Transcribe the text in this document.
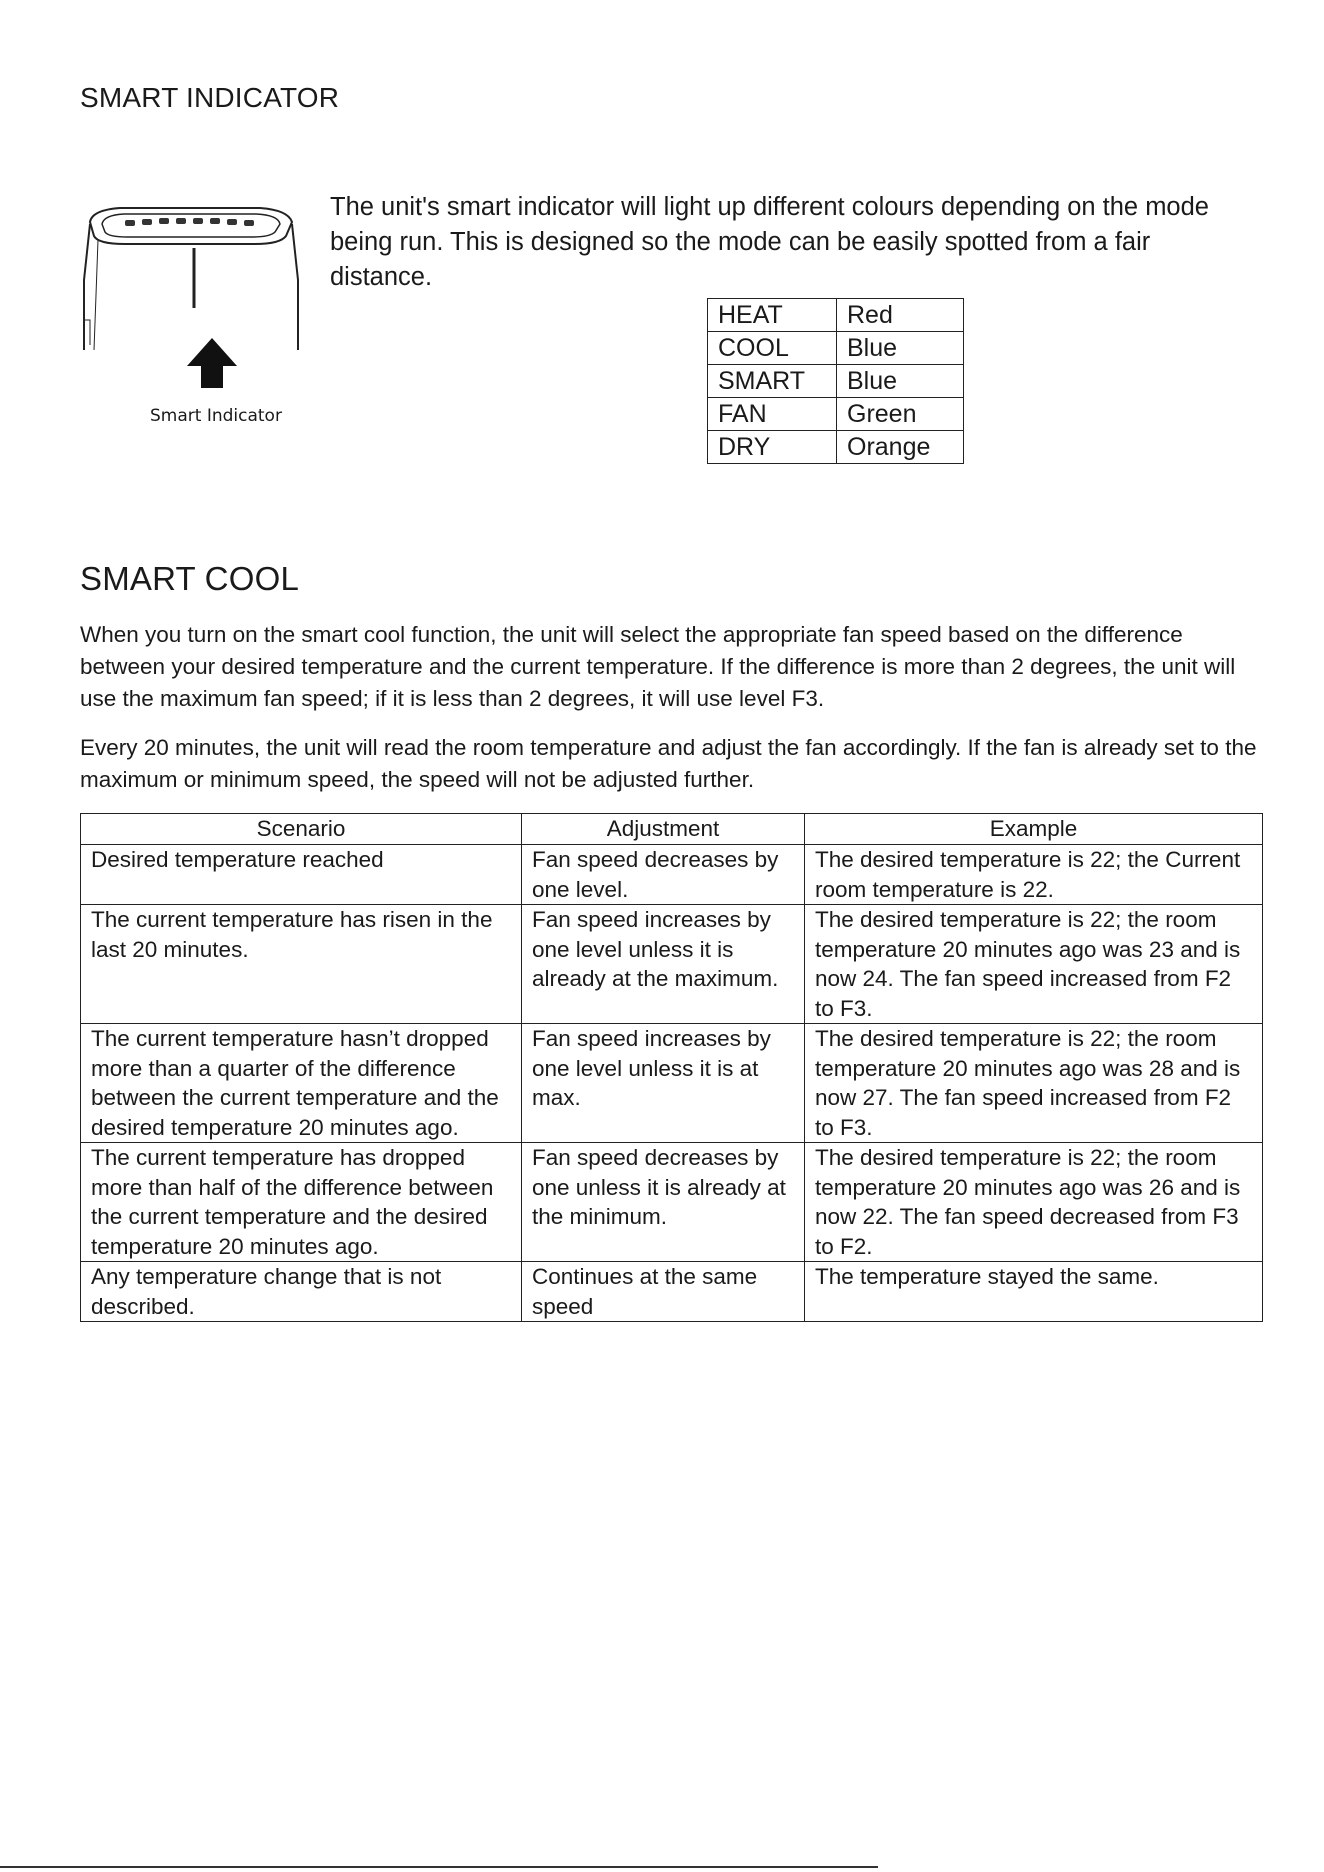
SMART INDICATOR
Smart Indicator

The unit's smart indicator will light up different colours depending on the mode being run. This is designed so the mode can be easily spotted from a fair distance.

HEAT	Red
COOL	Blue
SMART	Blue
FAN	Green
DRY	Orange
SMART COOL

When you turn on the smart cool function, the unit will select the appropriate fan speed based on the difference between your desired temperature and the current temperature. If the difference is more than 2 degrees, the unit will use the maximum fan speed; if it is less than 2 degrees, it will use level F3.

Every 20 minutes, the unit will read the room temperature and adjust the fan accordingly. If the fan is already set to the maximum or minimum speed, the speed will not be adjusted further.

Scenario	Adjustment	Example
Desired temperature reached	Fan speed decreases by one level.	The desired temperature is 22; the Current room temperature is 22.
The current temperature has risen in the last 20 minutes.	Fan speed increases by one level unless it is already at the maximum.	The desired temperature is 22; the room temperature 20 minutes ago was 23 and is now 24. The fan speed increased from F2 to F3.
The current temperature hasn’t dropped more than a quarter of the difference between the current temperature and the desired temperature 20 minutes ago.	Fan speed increases by one level unless it is at max.	The desired temperature is 22; the room temperature 20 minutes ago was 28 and is now 27. The fan speed increased from F2 to F3.
The current temperature has dropped more than half of the difference between the current temperature and the desired temperature 20 minutes ago.	Fan speed decreases by one unless it is already at the minimum.	The desired temperature is 22; the room temperature 20 minutes ago was 26 and is now 22. The fan speed decreased from F3 to F2.
Any temperature change that is not described.	Continues at the same speed	The temperature stayed the same.
